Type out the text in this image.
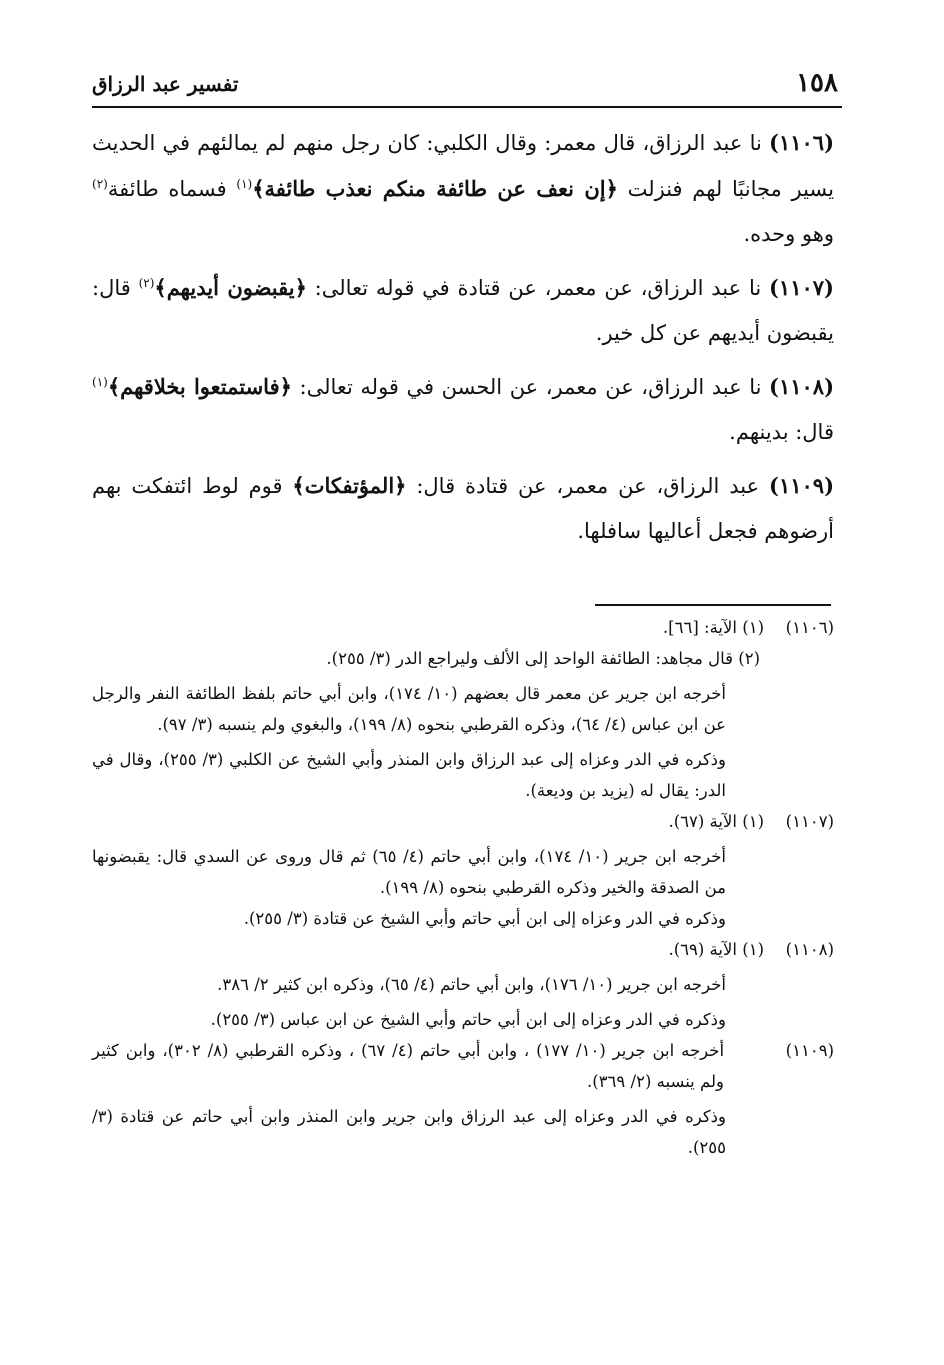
١٥٨
تفسير عبد الرزاق

(١١٠٦) نا عبد الرزاق، قال معمر: وقال الكلبي: كان رجل منهم لم يمالئهم في الحديث يسير مجانبًا لهم فنزلت ﴿إن نعف عن طائفة منكم نعذب طائفة﴾$^{(١)}$ فسماه طائفة$^{(٢)}$ وهو وحده.

(١١٠٧) نا عبد الرزاق، عن معمر، عن قتادة في قوله تعالى: ﴿يقبضون أيديهم﴾$^{(٢)}$ قال: يقبضون أيديهم عن كل خير.

(١١٠٨) نا عبد الرزاق، عن معمر، عن الحسن في قوله تعالى: ﴿فاستمتعوا بخلاقهم﴾$^{(١)}$ قال: بدينهم.

(١١٠٩) عبد الرزاق، عن معمر، عن قتادة قال: ﴿المؤتفكات﴾ قوم لوط ائتفكت بهم أرضوهم فجعل أعاليها سافلها.

(١١٠٦)
(١) الآية: [٦٦].
(٢) قال مجاهد: الطائفة الواحد إلى الألف وليراجع الدر (٣/ ٢٥٥).
أخرجه ابن جرير عن معمر قال بعضهم (١٠/ ١٧٤)، وابن أبي حاتم بلفظ الطائفة النفر والرجل عن ابن عباس (٤/ ٦٤)، وذكره القرطبي بنحوه (٨/ ١٩٩)، والبغوي ولم ينسبه (٣/ ٩٧).
وذكره في الدر وعزاه إلى عبد الرزاق وابن المنذر وأبي الشيخ عن الكلبي (٣/ ٢٥٥)، وقال في الدر: يقال له (يزيد بن وديعة).
(١١٠٧)
(١) الآية (٦٧).
أخرجه ابن جرير (١٠/ ١٧٤)، وابن أبي حاتم (٤/ ٦٥) ثم قال وروى عن السدي قال: يقبضونها من الصدقة والخير وذكره القرطبي بنحوه (٨/ ١٩٩).
وذكره في الدر وعزاه إلى ابن أبي حاتم وأبي الشيخ عن قتادة (٣/ ٢٥٥).
(١١٠٨)
(١) الآية (٦٩).
أخرجه ابن جرير (١٠/ ١٧٦)، وابن أبي حاتم (٤/ ٦٥)، وذكره ابن كثير ٢/ ٣٨٦.
وذكره في الدر وعزاه إلى ابن أبي حاتم وأبي الشيخ عن ابن عباس (٣/ ٢٥٥).
(١١٠٩)
أخرجه ابن جرير (١٠/ ١٧٧) ، وابن أبي حاتم (٤/ ٦٧) ، وذكره القرطبي (٨/ ٣٠٢)، وابن كثير ولم ينسبه (٢/ ٣٦٩).
وذكره في الدر وعزاه إلى عبد الرزاق وابن جرير وابن المنذر وابن أبي حاتم عن قتادة (٣/ ٢٥٥).
